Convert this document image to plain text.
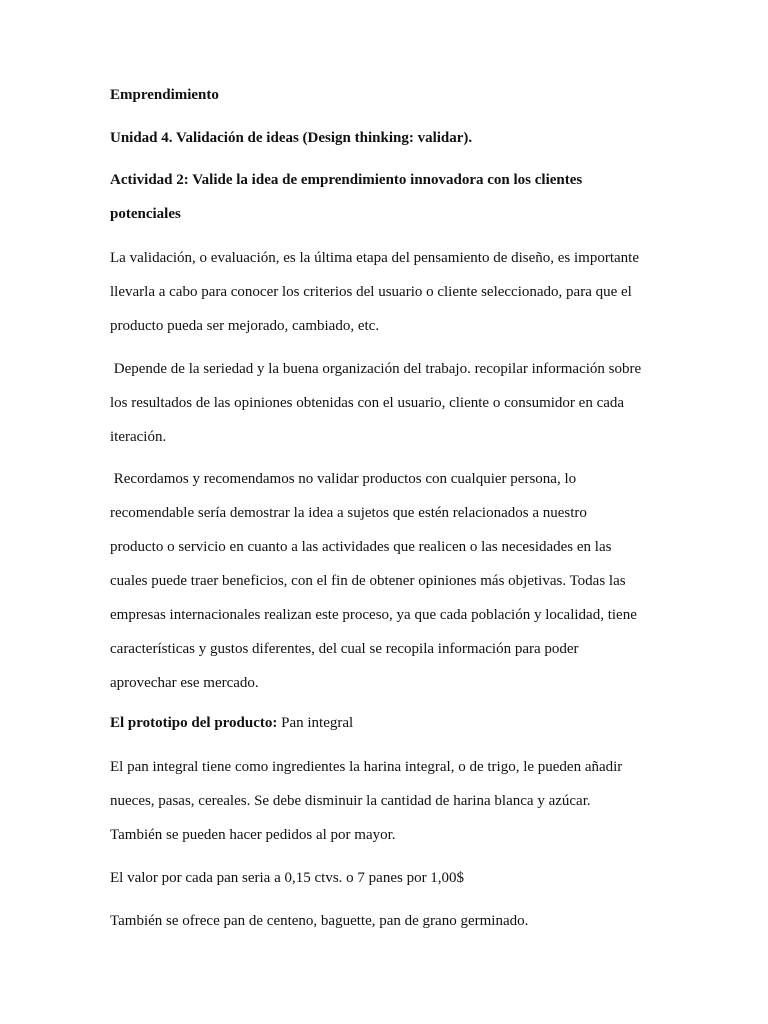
Emprendimiento

Unidad 4. Validación de ideas (Design thinking: validar).

Actividad 2: Valide la idea de emprendimiento innovadora con los clientes
potenciales

La validación, o evaluación, es la última etapa del pensamiento de diseño, es importante
llevarla a cabo para conocer los criterios del usuario o cliente seleccionado, para que el
producto pueda ser mejorado, cambiado, etc.

Depende de la seriedad y la buena organización del trabajo. recopilar información sobre
los resultados de las opiniones obtenidas con el usuario, cliente o consumidor en cada
iteración.

Recordamos y recomendamos no validar productos con cualquier persona, lo
recomendable sería demostrar la idea a sujetos que estén relacionados a nuestro
producto o servicio en cuanto a las actividades que realicen o las necesidades en las
cuales puede traer beneficios, con el fin de obtener opiniones más objetivas. Todas las
empresas internacionales realizan este proceso, ya que cada población y localidad, tiene
características y gustos diferentes, del cual se recopila información para poder
aprovechar ese mercado.

El prototipo del producto: Pan integral

El pan integral tiene como ingredientes la harina integral, o de trigo, le pueden añadir
nueces, pasas, cereales. Se debe disminuir la cantidad de harina blanca y azúcar.
También se pueden hacer pedidos al por mayor.

El valor por cada pan seria a 0,15 ctvs. o 7 panes por 1,00$

También se ofrece pan de centeno, baguette, pan de grano germinado.
